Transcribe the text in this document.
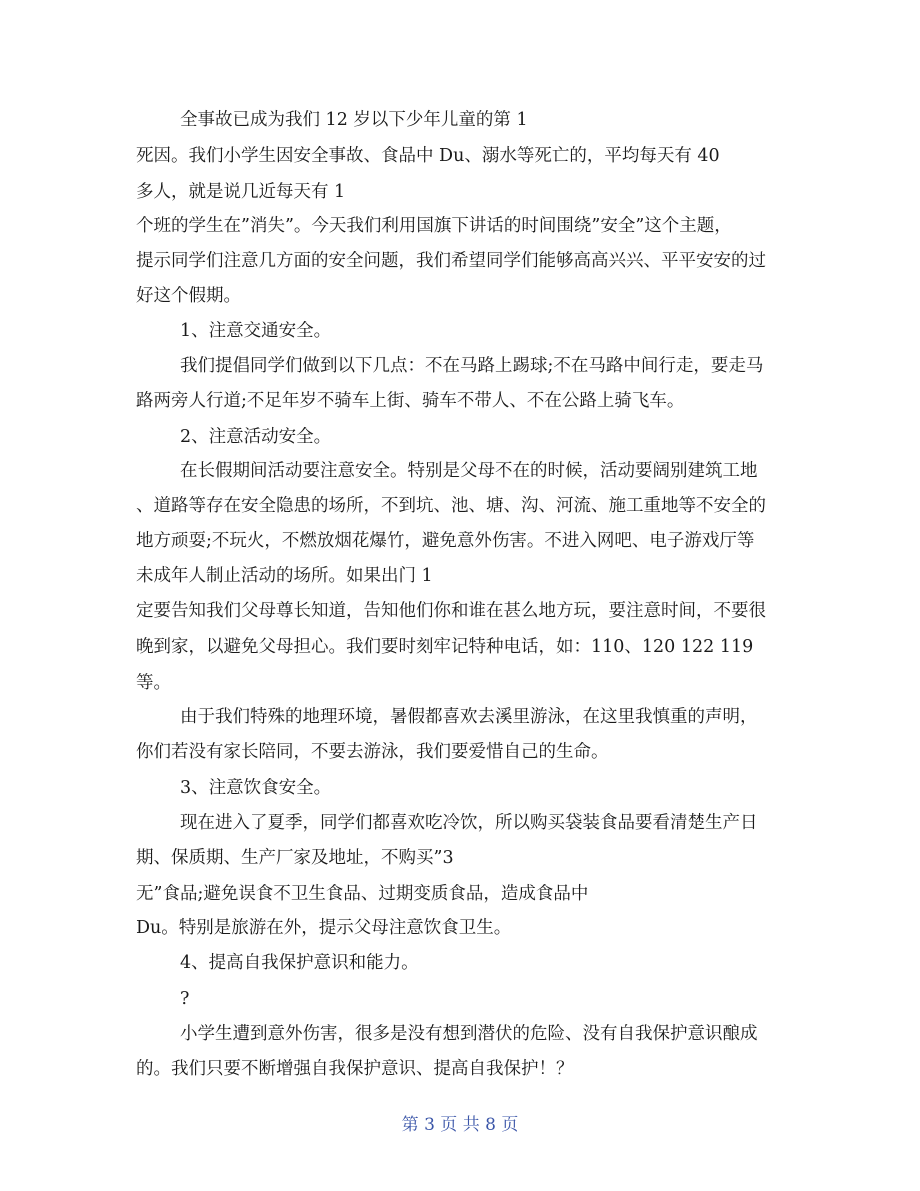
全事故已成为我们 12 岁以下少年儿童的第 1
死因。我们小学生因安全事故、食品中 Du、溺水等死亡的，平均每天有 40
多人，就是说几近每天有 1
个班的学生在”消失”。今天我们利用国旗下讲话的时间围绕”安全”这个主题，
提示同学们注意几方面的安全问题，我们希望同学们能够高高兴兴、平平安安的过
好这个假期。
1、注意交通安全。
我们提倡同学们做到以下几点：不在马路上踢球;不在马路中间行走，要走马
路两旁人行道;不足年岁不骑车上街、骑车不带人、不在公路上骑飞车。
2、注意活动安全。
在长假期间活动要注意安全。特别是父母不在的时候，活动要阔别建筑工地
、道路等存在安全隐患的场所，不到坑、池、塘、沟、河流、施工重地等不安全的
地方顽耍;不玩火，不燃放烟花爆竹，避免意外伤害。不进入网吧、电子游戏厅等
未成年人制止活动的场所。如果出门 1
定要告知我们父母尊长知道，告知他们你和谁在甚么地方玩，要注意时间，不要很
晚到家，以避免父母担心。我们要时刻牢记特种电话，如：110、120 122 119
等。
由于我们特殊的地理环境，暑假都喜欢去溪里游泳，在这里我慎重的声明，
你们若没有家长陪同，不要去游泳，我们要爱惜自己的生命。
3、注意饮食安全。
现在进入了夏季，同学们都喜欢吃冷饮，所以购买袋装食品要看清楚生产日
期、保质期、生产厂家及地址，不购买”3
无”食品;避免误食不卫生食品、过期变质食品，造成食品中
Du。特别是旅游在外，提示父母注意饮食卫生。
4、提高自我保护意识和能力。
?
小学生遭到意外伤害，很多是没有想到潜伏的危险、没有自我保护意识酿成
的。我们只要不断增强自我保护意识、提高自我保护！？
第 3 页 共 8 页
